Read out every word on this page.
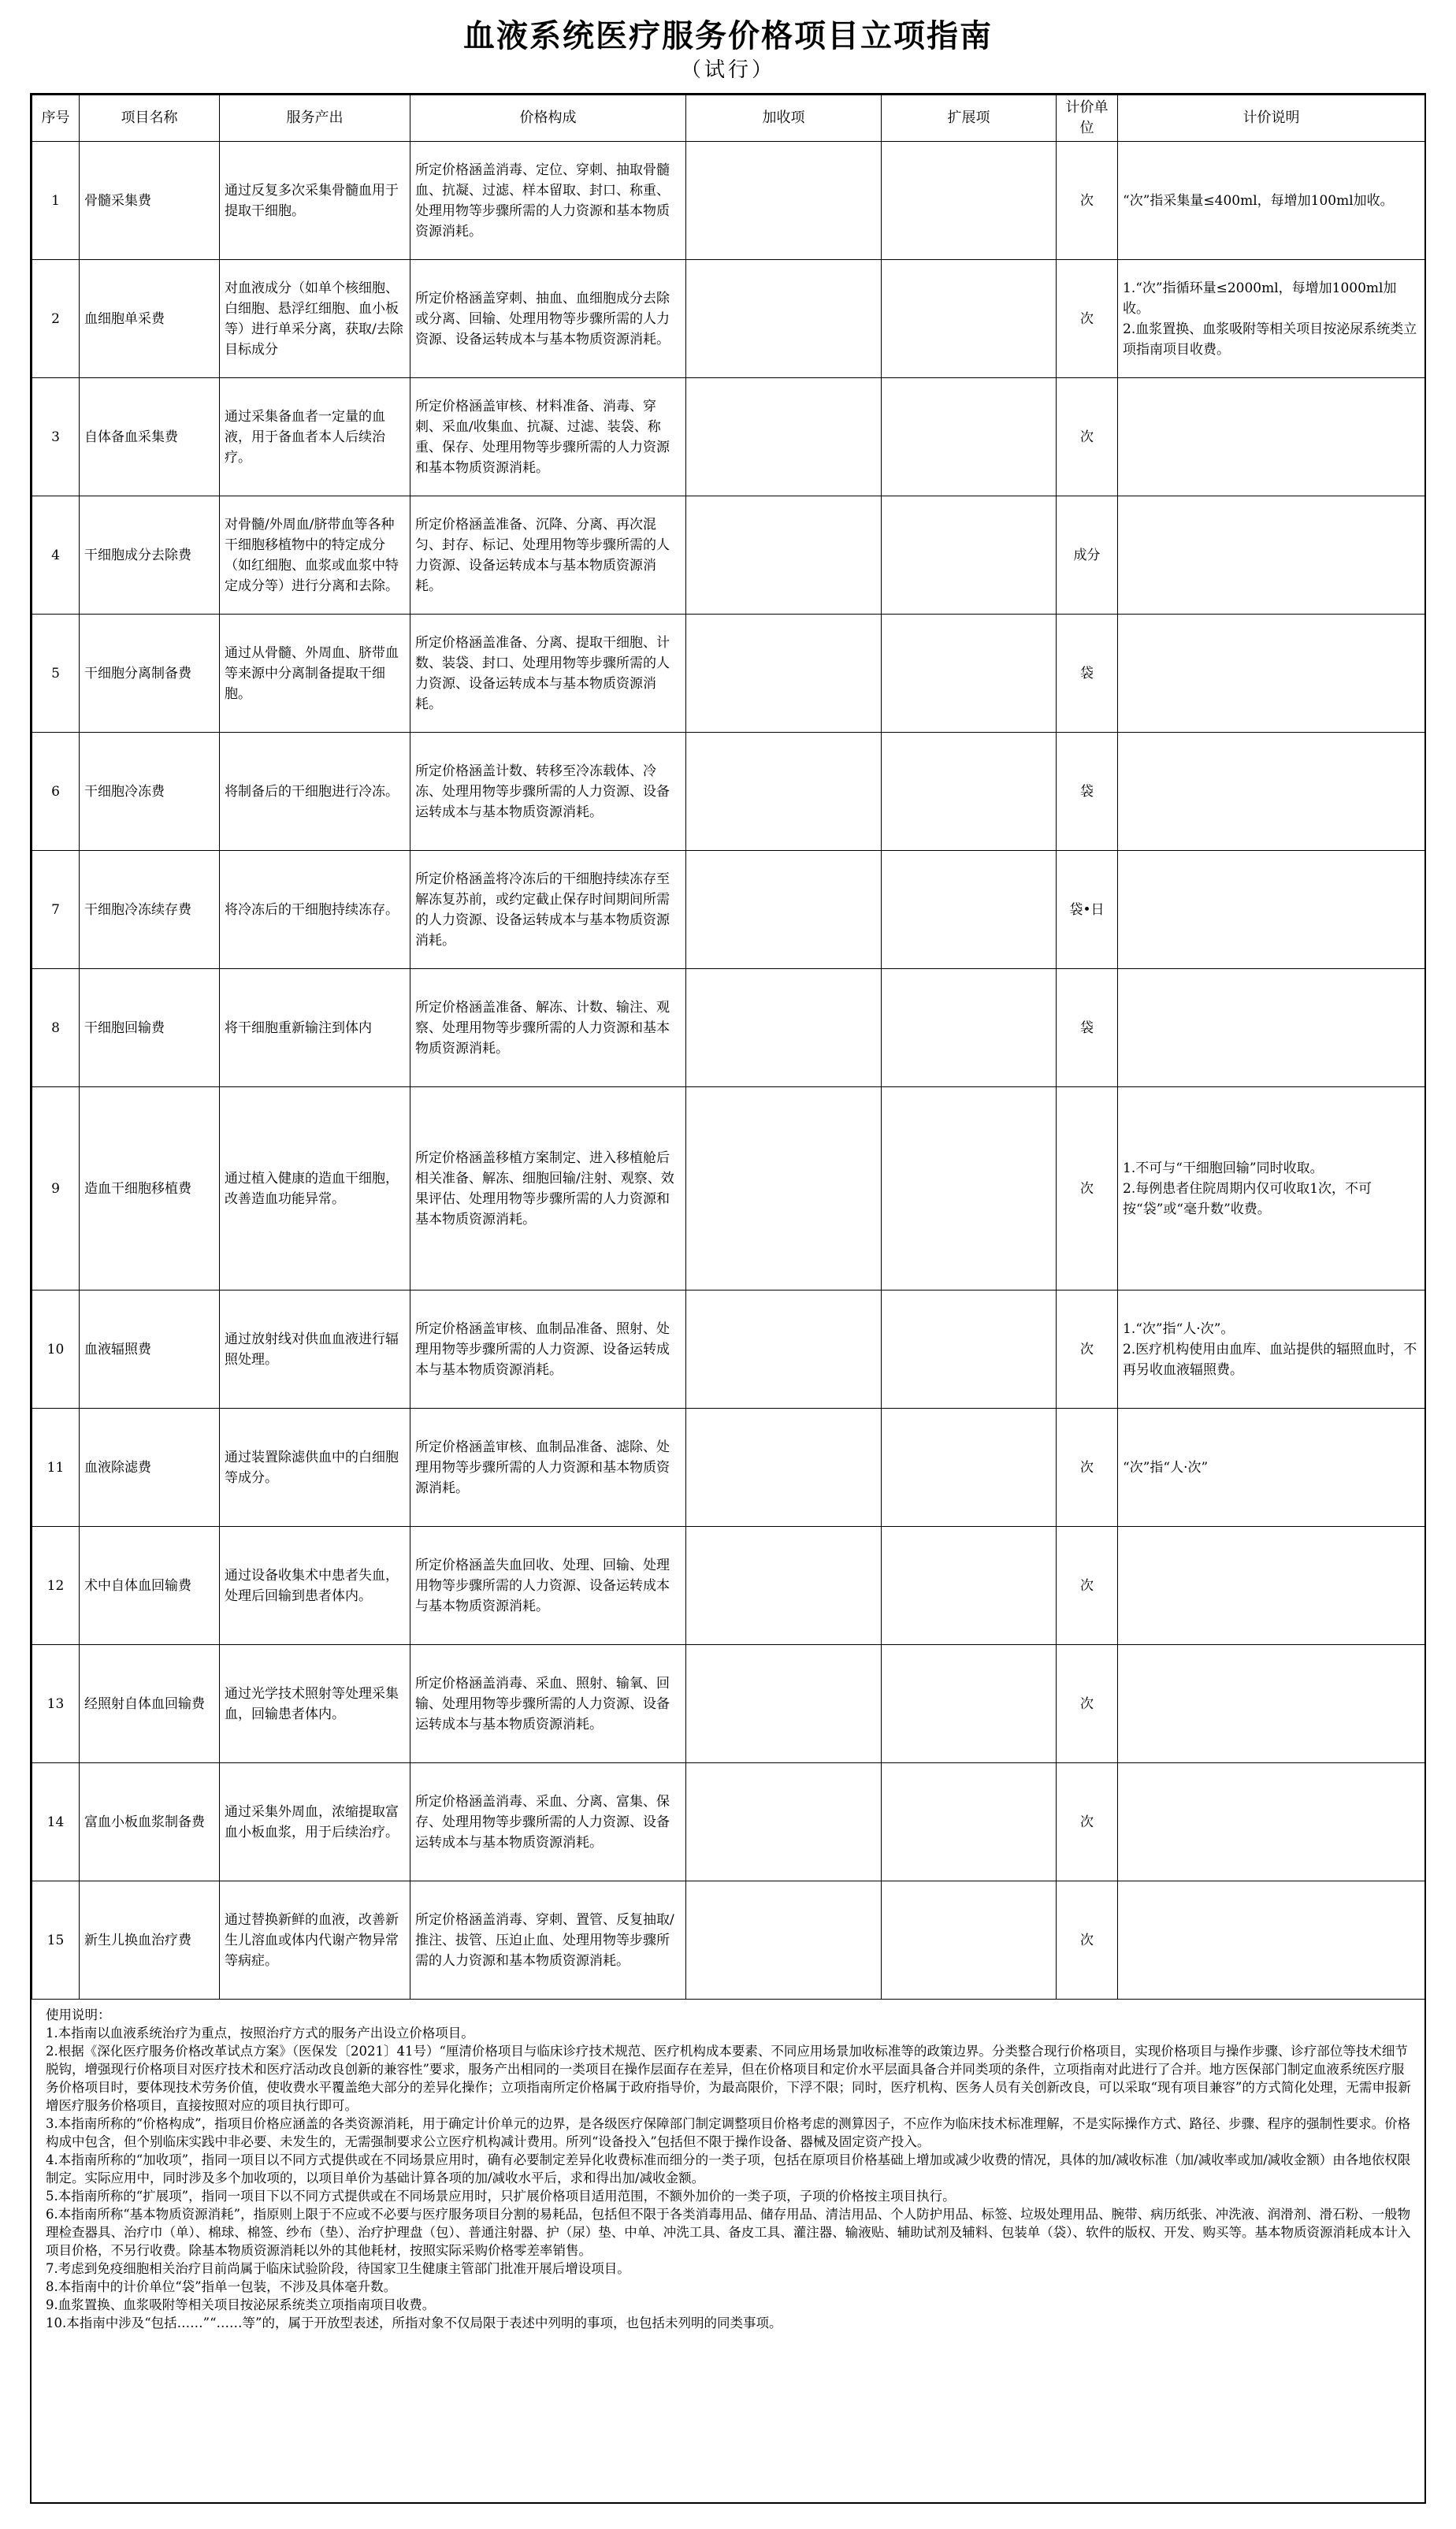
血液系统医疗服务价格项目立项指南
（试行）
序号	项目名称	服务产出	价格构成	加收项	扩展项	计价单位	计价说明
1	骨髓采集费	通过反复多次采集骨髓血用于提取干细胞。	所定价格涵盖消毒、定位、穿刺、抽取骨髓血、抗凝、过滤、样本留取、封口、称重、处理用物等步骤所需的人力资源和基本物质资源消耗。			次	“次”指采集量≤400ml，每增加100ml加收。
2	血细胞单采费	对血液成分（如单个核细胞、白细胞、悬浮红细胞、血小板等）进行单采分离，获取/去除目标成分	所定价格涵盖穿刺、抽血、血细胞成分去除或分离、回输、处理用物等步骤所需的人力资源、设备运转成本与基本物质资源消耗。			次	1.“次”指循环量≤2000ml，每增加1000ml加收。
2.血浆置换、血浆吸附等相关项目按泌尿系统类立项指南项目收费。
3	自体备血采集费	通过采集备血者一定量的血液，用于备血者本人后续治疗。	所定价格涵盖审核、材料准备、消毒、穿刺、采血/收集血、抗凝、过滤、装袋、称重、保存、处理用物等步骤所需的人力资源和基本物质资源消耗。			次	
4	干细胞成分去除费	对骨髓/外周血/脐带血等各种干细胞移植物中的特定成分（如红细胞、血浆或血浆中特定成分等）进行分离和去除。	所定价格涵盖准备、沉降、分离、再次混匀、封存、标记、处理用物等步骤所需的人力资源、设备运转成本与基本物质资源消耗。			成分	
5	干细胞分离制备费	通过从骨髓、外周血、脐带血等来源中分离制备提取干细胞。	所定价格涵盖准备、分离、提取干细胞、计数、装袋、封口、处理用物等步骤所需的人力资源、设备运转成本与基本物质资源消耗。			袋	
6	干细胞冷冻费	将制备后的干细胞进行冷冻。	所定价格涵盖计数、转移至冷冻载体、冷冻、处理用物等步骤所需的人力资源、设备运转成本与基本物质资源消耗。			袋	
7	干细胞冷冻续存费	将冷冻后的干细胞持续冻存。	所定价格涵盖将冷冻后的干细胞持续冻存至解冻复苏前，或约定截止保存时间期间所需的人力资源、设备运转成本与基本物质资源消耗。			袋•日	
8	干细胞回输费	将干细胞重新输注到体内	所定价格涵盖准备、解冻、计数、输注、观察、处理用物等步骤所需的人力资源和基本物质资源消耗。			袋	
9	造血干细胞移植费	通过植入健康的造血干细胞，改善造血功能异常。	所定价格涵盖移植方案制定、进入移植舱后相关准备、解冻、细胞回输/注射、观察、效果评估、处理用物等步骤所需的人力资源和基本物质资源消耗。			次	1.不可与“干细胞回输”同时收取。
2.每例患者住院周期内仅可收取1次，不可按“袋”或“毫升数”收费。
10	血液辐照费	通过放射线对供血血液进行辐照处理。	所定价格涵盖审核、血制品准备、照射、处理用物等步骤所需的人力资源、设备运转成本与基本物质资源消耗。			次	1.“次”指“人·次”。
2.医疗机构使用由血库、血站提供的辐照血时，不再另收血液辐照费。
11	血液除滤费	通过装置除滤供血中的白细胞等成分。	所定价格涵盖审核、血制品准备、滤除、处理用物等步骤所需的人力资源和基本物质资源消耗。			次	“次”指“人·次”
12	术中自体血回输费	通过设备收集术中患者失血，处理后回输到患者体内。	所定价格涵盖失血回收、处理、回输、处理用物等步骤所需的人力资源、设备运转成本与基本物质资源消耗。			次	
13	经照射自体血回输费	通过光学技术照射等处理采集血，回输患者体内。	所定价格涵盖消毒、采血、照射、输氧、回输、处理用物等步骤所需的人力资源、设备运转成本与基本物质资源消耗。			次	
14	富血小板血浆制备费	通过采集外周血，浓缩提取富血小板血浆，用于后续治疗。	所定价格涵盖消毒、采血、分离、富集、保存、处理用物等步骤所需的人力资源、设备运转成本与基本物质资源消耗。			次	
15	新生儿换血治疗费	通过替换新鲜的血液，改善新生儿溶血或体内代谢产物异常等病症。	所定价格涵盖消毒、穿刺、置管、反复抽取/推注、拔管、压迫止血、处理用物等步骤所需的人力资源和基本物质资源消耗。			次	

使用说明：

1.本指南以血液系统治疗为重点，按照治疗方式的服务产出设立价格项目。

2.根据《深化医疗服务价格改革试点方案》（医保发〔2021〕41号）“厘清价格项目与临床诊疗技术规范、医疗机构成本要素、不同应用场景加收标准等的政策边界。分类整合现行价格项目，实现价格项目与操作步骤、诊疗部位等技术细节脱钩，增强现行价格项目对医疗技术和医疗活动改良创新的兼容性”要求，服务产出相同的一类项目在操作层面存在差异，但在价格项目和定价水平层面具备合并同类项的条件，立项指南对此进行了合并。地方医保部门制定血液系统医疗服务价格项目时，要体现技术劳务价值，使收费水平覆盖绝大部分的差异化操作；立项指南所定价格属于政府指导价，为最高限价，下浮不限；同时，医疗机构、医务人员有关创新改良，可以采取“现有项目兼容”的方式简化处理，无需申报新增医疗服务价格项目，直接按照对应的项目执行即可。

3.本指南所称的“价格构成”，指项目价格应涵盖的各类资源消耗，用于确定计价单元的边界，是各级医疗保障部门制定调整项目价格考虑的测算因子，不应作为临床技术标准理解，不是实际操作方式、路径、步骤、程序的强制性要求。价格构成中包含，但个别临床实践中非必要、未发生的，无需强制要求公立医疗机构减计费用。所列“设备投入”包括但不限于操作设备、器械及固定资产投入。

4.本指南所称的“加收项”，指同一项目以不同方式提供或在不同场景应用时，确有必要制定差异化收费标准而细分的一类子项，包括在原项目价格基础上增加或减少收费的情况，具体的加/减收标准（加/减收率或加/减收金额）由各地依权限制定。实际应用中，同时涉及多个加收项的，以项目单价为基础计算各项的加/减收水平后，求和得出加/减收金额。

5.本指南所称的“扩展项”，指同一项目下以不同方式提供或在不同场景应用时，只扩展价格项目适用范围，不额外加价的一类子项，子项的价格按主项目执行。

6.本指南所称“基本物质资源消耗”，指原则上限于不应或不必要与医疗服务项目分割的易耗品，包括但不限于各类消毒用品、储存用品、清洁用品、个人防护用品、标签、垃圾处理用品、腕带、病历纸张、冲洗液、润滑剂、滑石粉、一般物理检查器具、治疗巾（单）、棉球、棉签、纱布（垫）、治疗护理盘（包）、普通注射器、护（尿）垫、中单、冲洗工具、备皮工具、灌注器、输液贴、辅助试剂及辅料、包装单（袋）、软件的版权、开发、购买等。基本物质资源消耗成本计入项目价格，不另行收费。除基本物质资源消耗以外的其他耗材，按照实际采购价格零差率销售。

7.考虑到免疫细胞相关治疗目前尚属于临床试验阶段，待国家卫生健康主管部门批准开展后增设项目。

8.本指南中的计价单位“袋”指单一包装，不涉及具体毫升数。

9.血浆置换、血浆吸附等相关项目按泌尿系统类立项指南项目收费。

10.本指南中涉及“包括……”“……等”的，属于开放型表述，所指对象不仅局限于表述中列明的事项，也包括未列明的同类事项。
